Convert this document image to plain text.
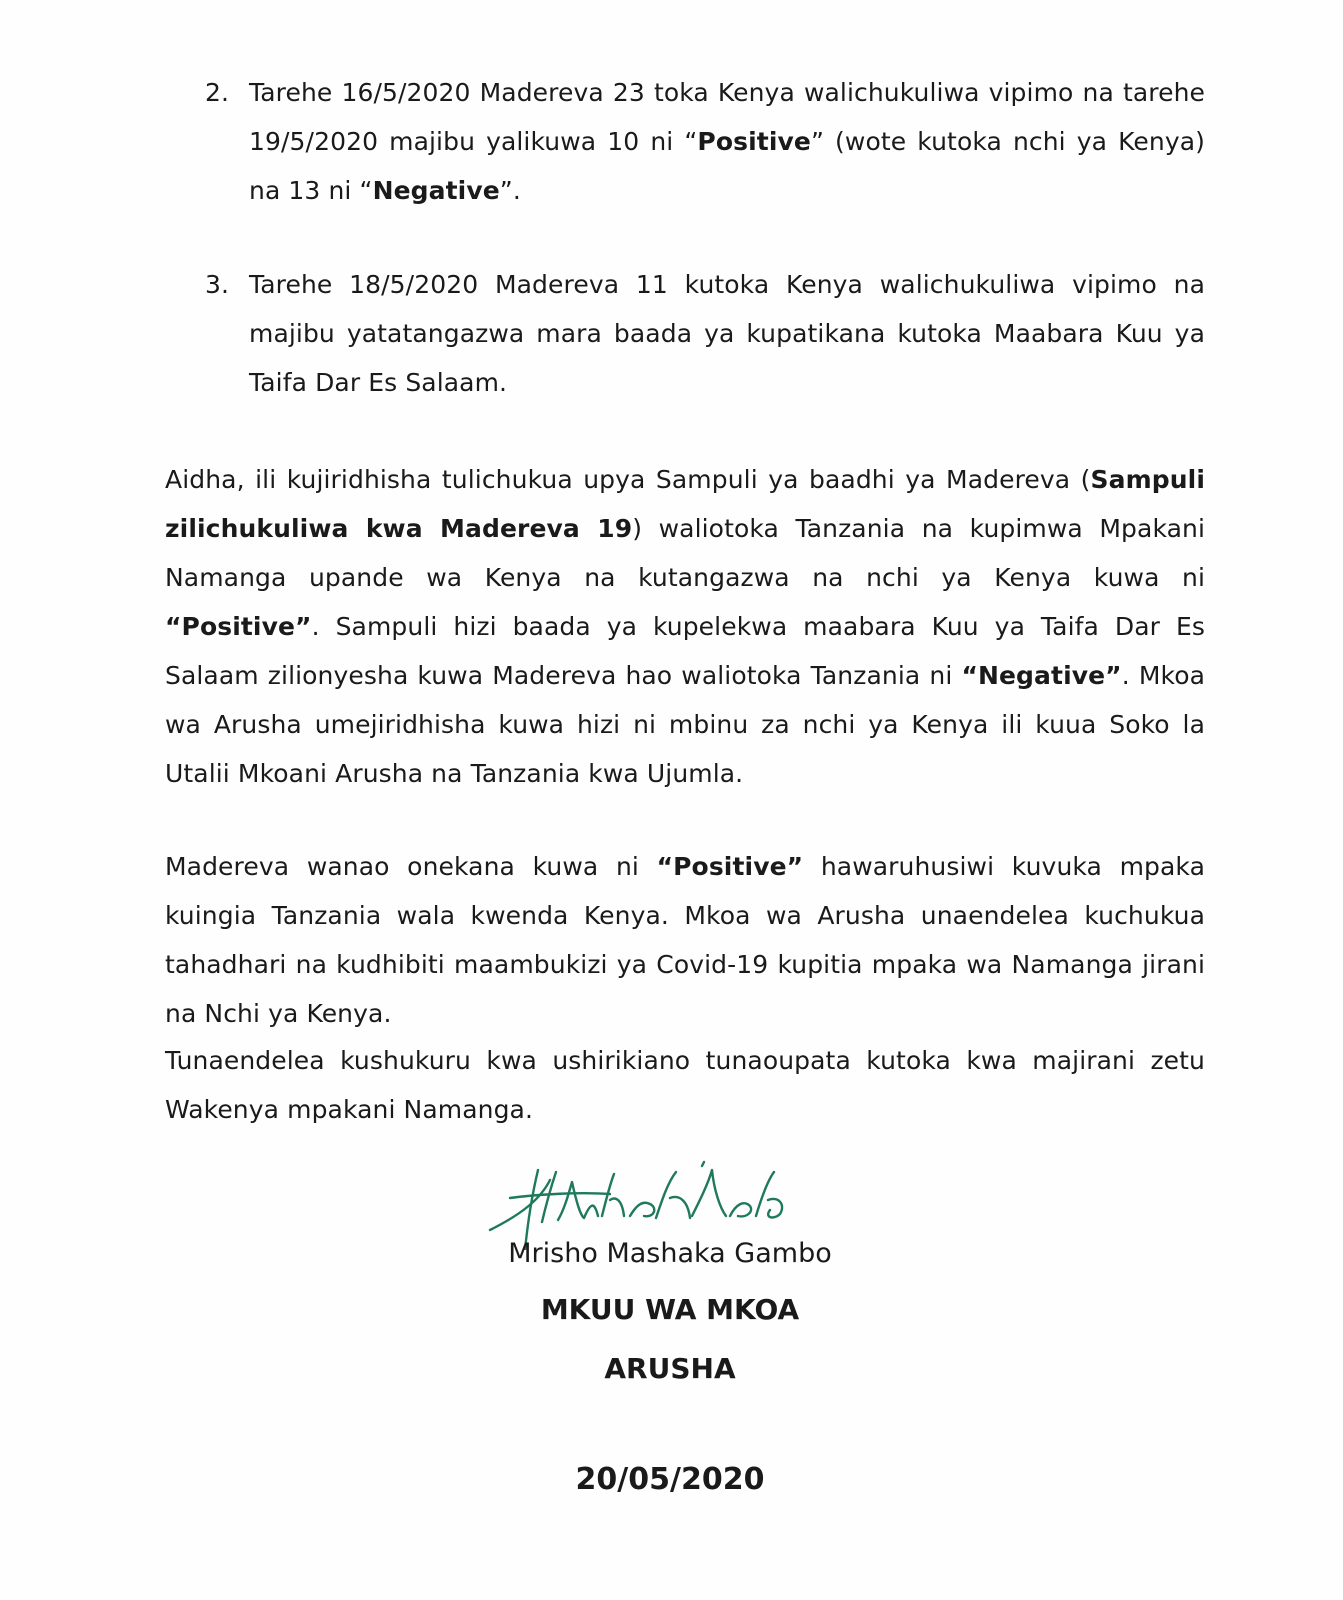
2. Tarehe 16/5/2020 Madereva 23 toka Kenya walichukuliwa vipimo na tarehe 19/5/2020 majibu yalikuwa 10 ni “Positive” (wote kutoka nchi ya Kenya) na 13 ni “Negative”.
3. Tarehe 18/5/2020 Madereva 11 kutoka Kenya walichukuliwa vipimo na majibu yatatangazwa mara baada ya kupatikana kutoka Maabara Kuu ya Taifa Dar Es Salaam.
Aidha, ili kujiridhisha tulichukua upya Sampuli ya baadhi ya Madereva (Sampuli zilichukuliwa kwa Madereva 19) waliotoka Tanzania na kupimwa Mpakani Namanga upande wa Kenya na kutangazwa na nchi ya Kenya kuwa ni “Positive”. Sampuli hizi baada ya kupelekwa maabara Kuu ya Taifa Dar Es Salaam zilionyesha kuwa Madereva hao waliotoka Tanzania ni “Negative”. Mkoa wa Arusha umejiridhisha kuwa hizi ni mbinu za nchi ya Kenya ili kuua Soko la Utalii Mkoani Arusha na Tanzania kwa Ujumla.
Madereva wanao onekana kuwa ni “Positive” hawaruhusiwi kuvuka mpaka kuingia Tanzania wala kwenda Kenya. Mkoa wa Arusha unaendelea kuchukua tahadhari na kudhibiti maambukizi ya Covid-19 kupitia mpaka wa Namanga jirani na Nchi ya Kenya.
Tunaendelea kushukuru kwa ushirikiano tunaoupata kutoka kwa majirani zetu Wakenya mpakani Namanga.
Mrisho Mashaka Gambo
MKUU WA MKOA
ARUSHA
20/05/2020
